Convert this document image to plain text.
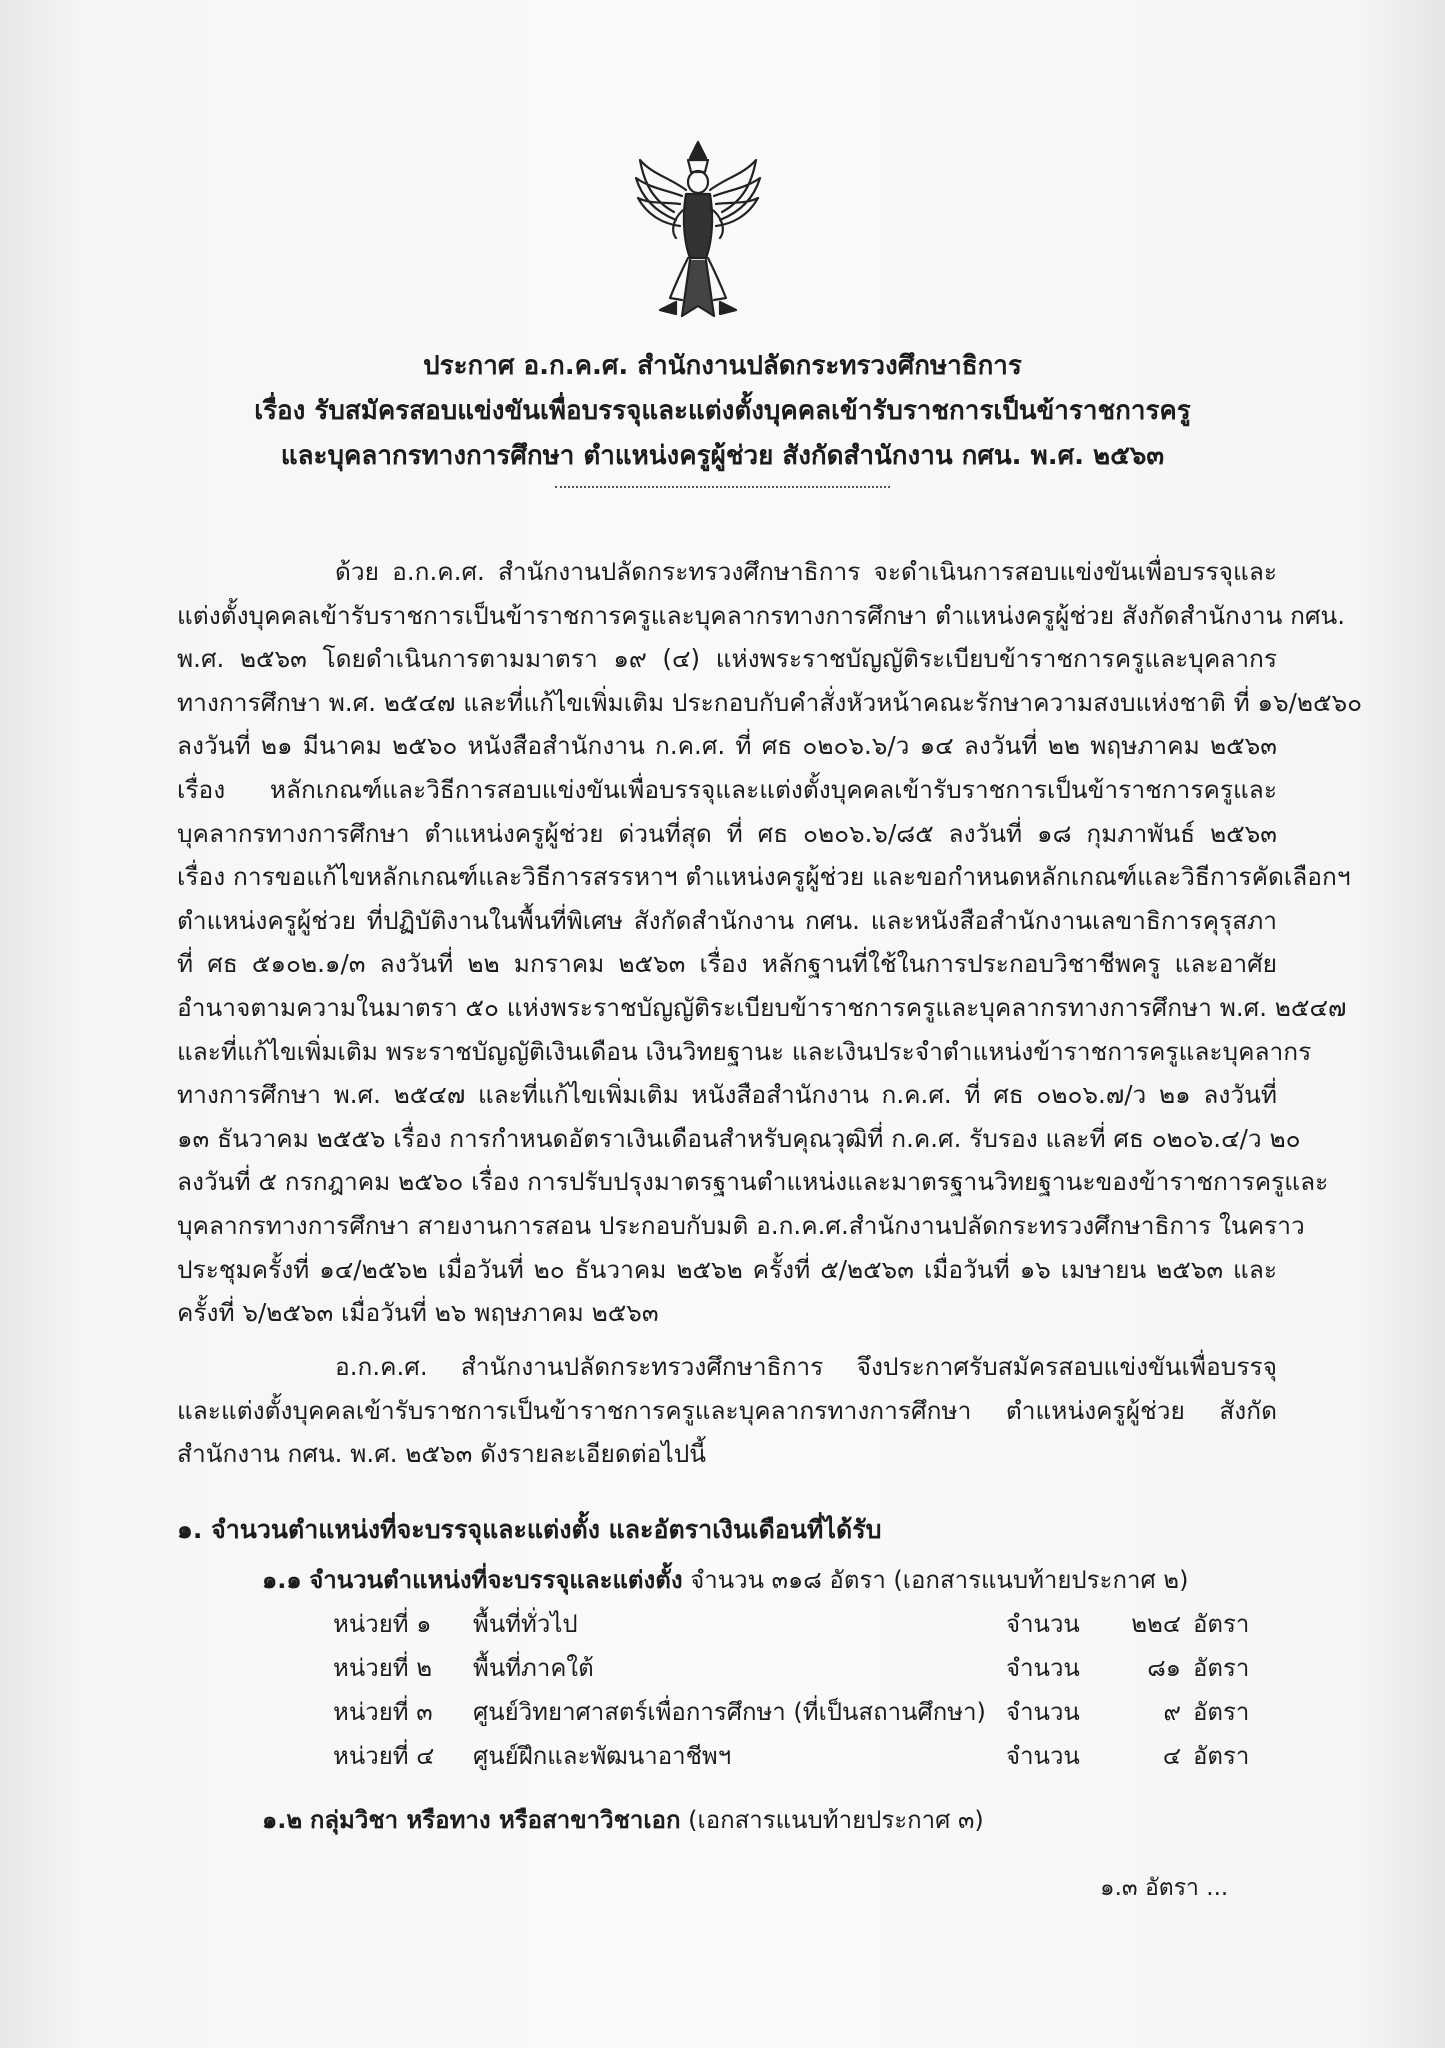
ประกาศ อ.ก.ค.ศ. สำนักงานปลัดกระทรวงศึกษาธิการ
เรื่อง รับสมัครสอบแข่งขันเพื่อบรรจุและแต่งตั้งบุคคลเข้ารับราชการเป็นข้าราชการครู
และบุคลากรทางการศึกษา ตำแหน่งครูผู้ช่วย สังกัดสำนักงาน กศน. พ.ศ. ๒๕๖๓
ด้วย อ.ก.ค.ศ. สำนักงานปลัดกระทรวงศึกษาธิการ จะดำเนินการสอบแข่งขันเพื่อบรรจุและ
แต่งตั้งบุคคลเข้ารับราชการเป็นข้าราชการครูและบุคลากรทางการศึกษา ตำแหน่งครูผู้ช่วย สังกัดสำนักงาน กศน.
พ.ศ. ๒๕๖๓ โดยดำเนินการตามมาตรา ๑๙ (๔) แห่งพระราชบัญญัติระเบียบข้าราชการครูและบุคลากร
ทางการศึกษา พ.ศ. ๒๕๔๗ และที่แก้ไขเพิ่มเติม ประกอบกับคำสั่งหัวหน้าคณะรักษาความสงบแห่งชาติ ที่ ๑๖/๒๕๖๐
ลงวันที่ ๒๑ มีนาคม ๒๕๖๐ หนังสือสำนักงาน ก.ค.ศ. ที่ ศธ ๐๒๐๖.๖/ว ๑๔ ลงวันที่ ๒๒ พฤษภาคม ๒๕๖๓
เรื่อง หลักเกณฑ์และวิธีการสอบแข่งขันเพื่อบรรจุและแต่งตั้งบุคคลเข้ารับราชการเป็นข้าราชการครูและ
บุคลากรทางการศึกษา ตำแหน่งครูผู้ช่วย ด่วนที่สุด ที่ ศธ ๐๒๐๖.๖/๘๕ ลงวันที่ ๑๘ กุมภาพันธ์ ๒๕๖๓
เรื่อง การขอแก้ไขหลักเกณฑ์และวิธีการสรรหาฯ ตำแหน่งครูผู้ช่วย และขอกำหนดหลักเกณฑ์และวิธีการคัดเลือกฯ
ตำแหน่งครูผู้ช่วย ที่ปฏิบัติงานในพื้นที่พิเศษ สังกัดสำนักงาน กศน. และหนังสือสำนักงานเลขาธิการคุรุสภา
ที่ ศธ ๕๑๐๒.๑/๓ ลงวันที่ ๒๒ มกราคม ๒๕๖๓ เรื่อง หลักฐานที่ใช้ในการประกอบวิชาชีพครู และอาศัย
อำนาจตามความในมาตรา ๕๐ แห่งพระราชบัญญัติระเบียบข้าราชการครูและบุคลากรทางการศึกษา พ.ศ. ๒๕๔๗
และที่แก้ไขเพิ่มเติม พระราชบัญญัติเงินเดือน เงินวิทยฐานะ และเงินประจำตำแหน่งข้าราชการครูและบุคลากร
ทางการศึกษา พ.ศ. ๒๕๔๗ และที่แก้ไขเพิ่มเติม หนังสือสำนักงาน ก.ค.ศ. ที่ ศธ ๐๒๐๖.๗/ว ๒๑ ลงวันที่
๑๓ ธันวาคม ๒๕๕๖ เรื่อง การกำหนดอัตราเงินเดือนสำหรับคุณวุฒิที่ ก.ค.ศ. รับรอง และที่ ศธ ๐๒๐๖.๔/ว ๒๐
ลงวันที่ ๕ กรกฎาคม ๒๕๖๐ เรื่อง การปรับปรุงมาตรฐานตำแหน่งและมาตรฐานวิทยฐานะของข้าราชการครูและ
บุคลากรทางการศึกษา สายงานการสอน ประกอบกับมติ อ.ก.ค.ศ.สำนักงานปลัดกระทรวงศึกษาธิการ ในคราว
ประชุมครั้งที่ ๑๔/๒๕๖๒ เมื่อวันที่ ๒๐ ธันวาคม ๒๕๖๒ ครั้งที่ ๕/๒๕๖๓ เมื่อวันที่ ๑๖ เมษายน ๒๕๖๓ และ
ครั้งที่ ๖/๒๕๖๓ เมื่อวันที่ ๒๖ พฤษภาคม ๒๕๖๓
อ.ก.ค.ศ. สำนักงานปลัดกระทรวงศึกษาธิการ จึงประกาศรับสมัครสอบแข่งขันเพื่อบรรจุ
และแต่งตั้งบุคคลเข้ารับราชการเป็นข้าราชการครูและบุคลากรทางการศึกษา ตำแหน่งครูผู้ช่วย สังกัด
สำนักงาน กศน. พ.ศ. ๒๕๖๓ ดังรายละเอียดต่อไปนี้
๑. จำนวนตำแหน่งที่จะบรรจุและแต่งตั้ง และอัตราเงินเดือนที่ได้รับ
๑.๑ จำนวนตำแหน่งที่จะบรรจุและแต่งตั้ง จำนวน ๓๑๘ อัตรา (เอกสารแนบท้ายประกาศ ๒)
หน่วยที่ ๑ พื้นที่ทั่วไป	จำนวน	๒๒๔ อัตรา
หน่วยที่ ๒ พื้นที่ภาคใต้	จำนวน	๘๑ อัตรา
หน่วยที่ ๓ ศูนย์วิทยาศาสตร์เพื่อการศึกษา (ที่เป็นสถานศึกษา) จำนวน	๙ อัตรา
หน่วยที่ ๔ ศูนย์ฝึกและพัฒนาอาชีพฯ	จำนวน	๔ อัตรา
๑.๒ กลุ่มวิชา หรือทาง หรือสาขาวิชาเอก (เอกสารแนบท้ายประกาศ ๓)
๑.๓ อัตรา ...
